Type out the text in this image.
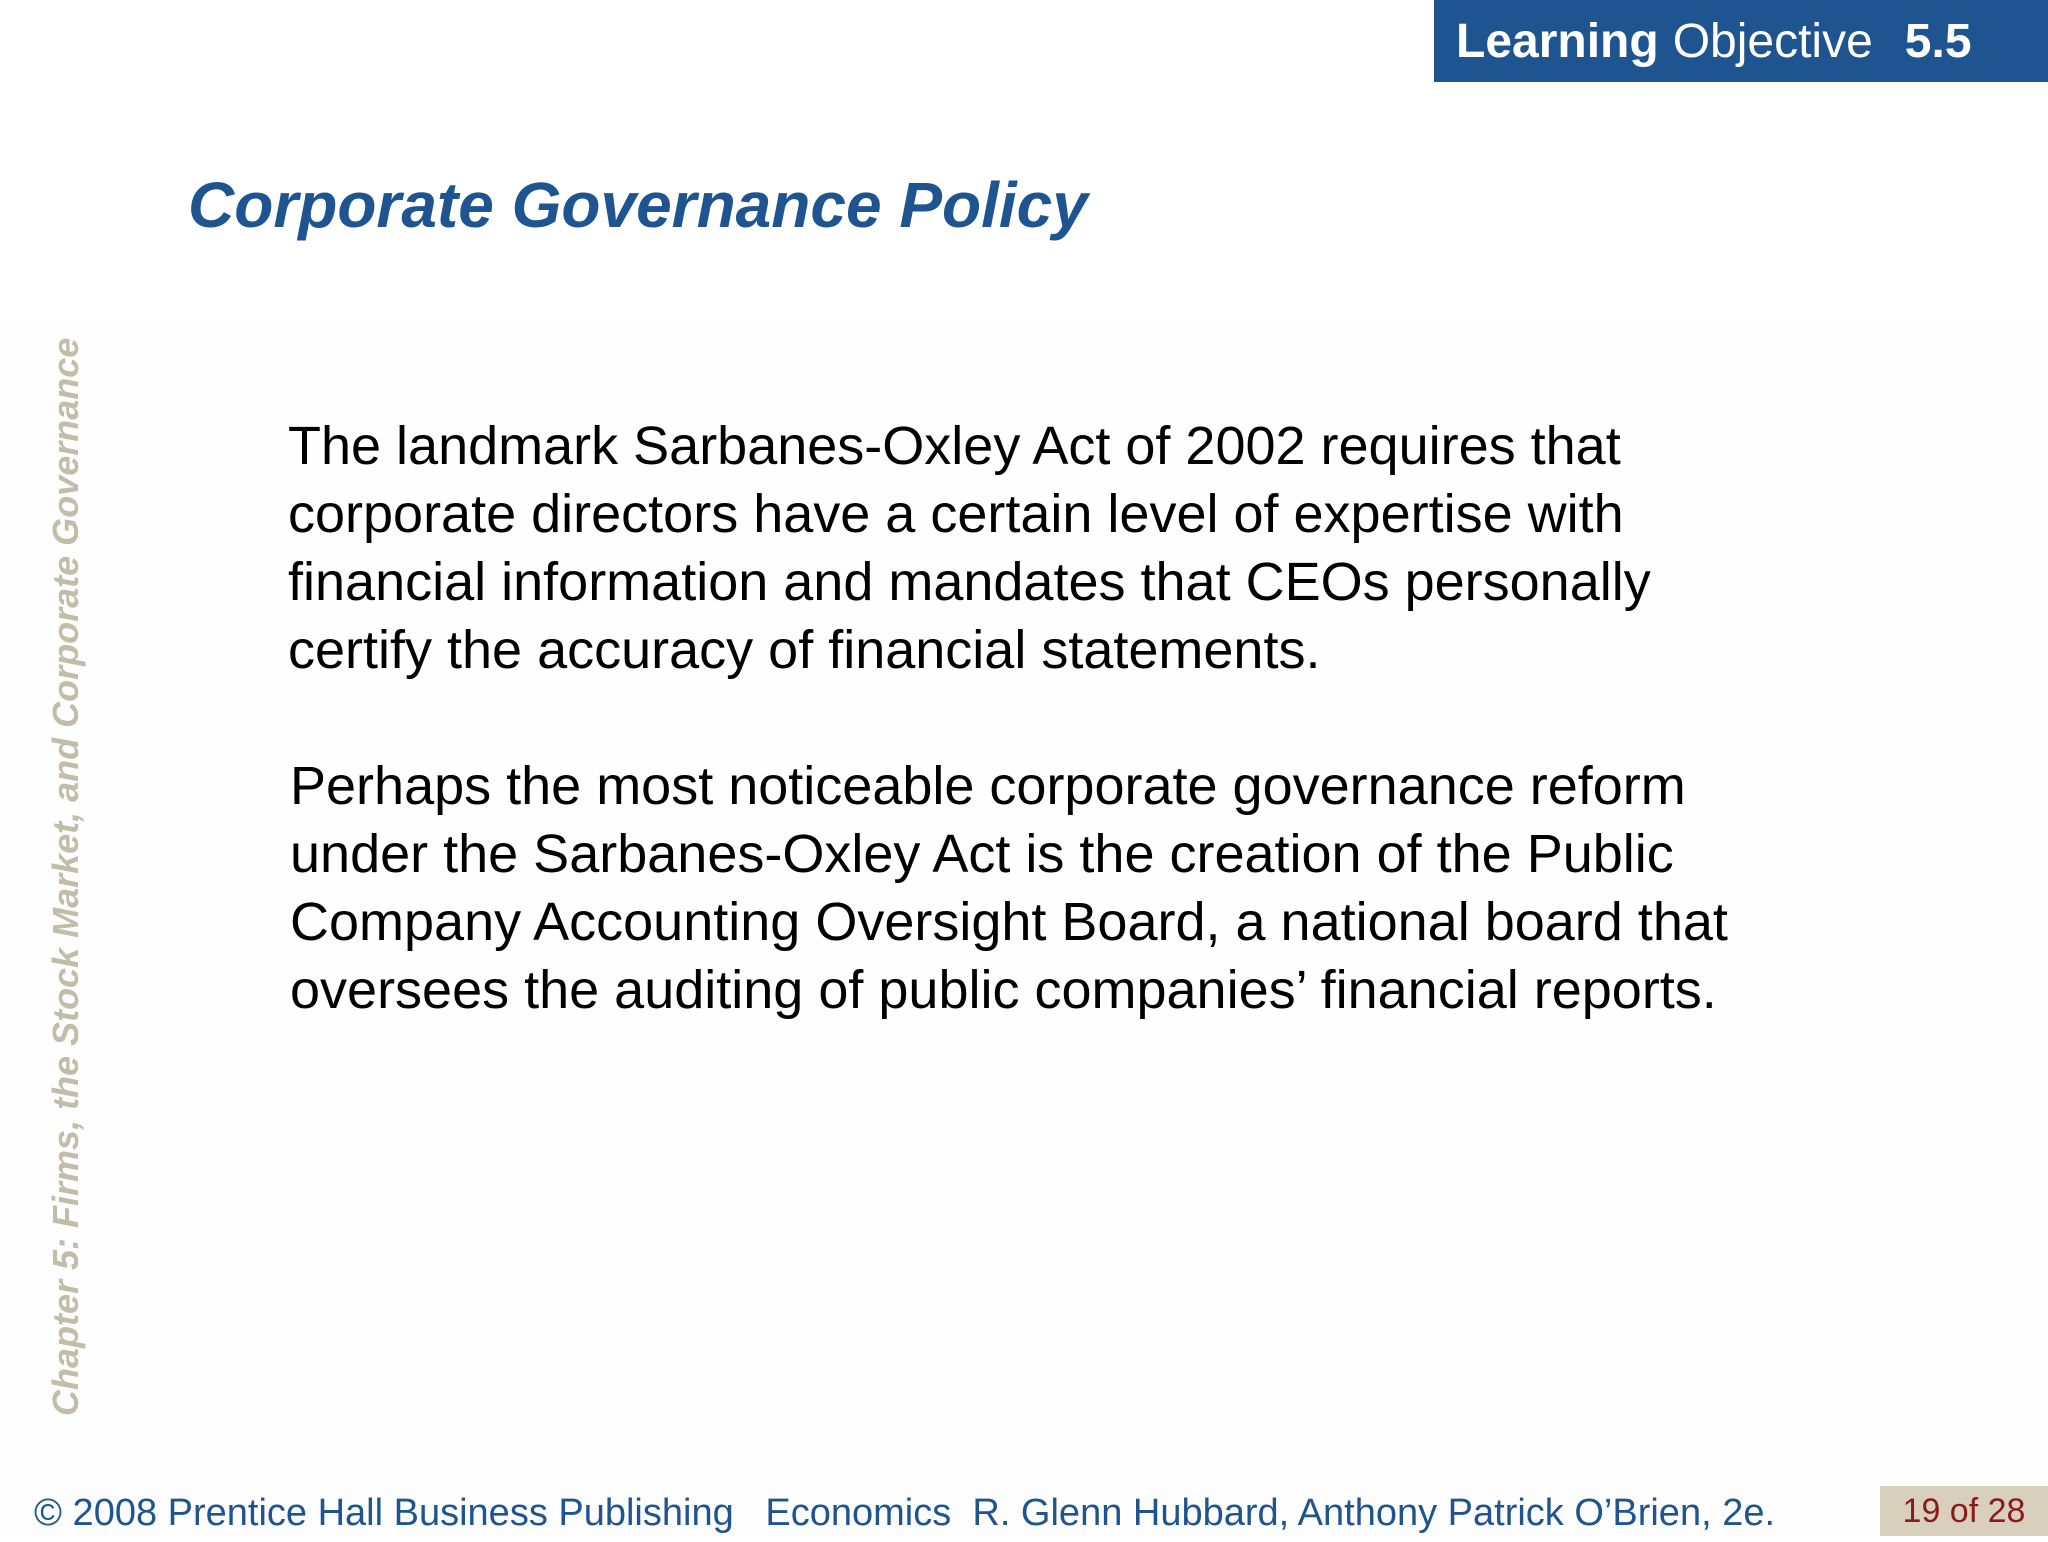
Learning Objective 5.5
Chapter 5: Firms, the Stock Market, and Corporate Governance
Corporate Governance Policy

The landmark Sarbanes-Oxley Act of 2002 requires that corporate directors have a certain level of expertise with financial information and mandates that CEOs personally certify the accuracy of financial statements.

Perhaps the most noticeable corporate governance reform under the Sarbanes-Oxley Act is the creation of the Public Company Accounting Oversight Board, a national board that oversees the auditing of public companies’ financial reports.

© 2008 Prentice Hall Business Publishing Economics R. Glenn Hubbard, Anthony Patrick O’Brien, 2e.	19 of 28
